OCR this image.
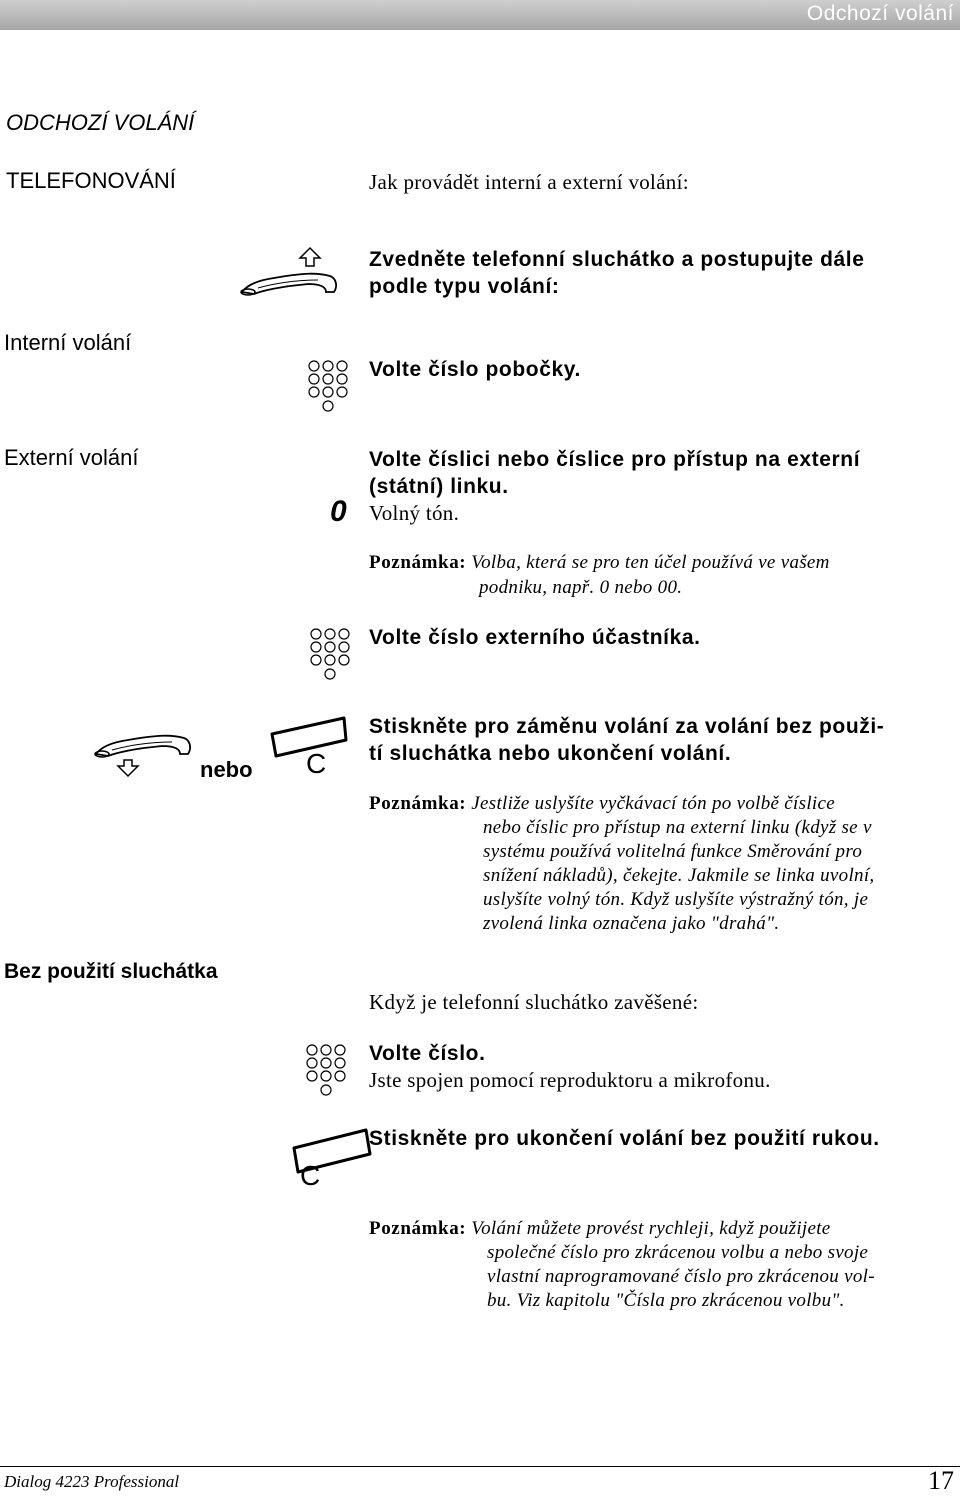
Odchozí volání
ODCHOZÍ VOLÁNÍ
TELEFONOVÁNÍ
Interní volání
Externí volání
Bez použití sluchátka
Jak provádět interní a externí volání:
Zvedněte telefonní sluchátko a postupujte dále
podle typu volání:
Volte číslo pobočky.
Volte číslici nebo číslice pro přístup na externí
(státní) linku.
0 Volný tón.
Poznámka: Volba, která se pro ten účel používá ve vašem
podniku, např. 0 nebo 00.
Volte číslo externího účastníka.
nebo C
Stiskněte pro záměnu volání za volání bez použi-
tí sluchátka nebo ukončení volání.
Poznámka: Jestliže uslyšíte vyčkávací tón po volbě číslice
nebo číslic pro přístup na externí linku (když se v
systému používá volitelná funkce Směrování pro
snížení nákladů), čekejte. Jakmile se linka uvolní,
uslyšíte volný tón. Když uslyšíte výstražný tón, je
zvolená linka označena jako "drahá".
Když je telefonní sluchátko zavěšené:
Volte číslo.
Jste spojen pomocí reproduktoru a mikrofonu.
C
Stiskněte pro ukončení volání bez použití rukou.
Poznámka: Volání můžete provést rychleji, když použijete
společné číslo pro zkrácenou volbu a nebo svoje
vlastní naprogramované číslo pro zkrácenou vol-
bu. Viz kapitolu "Čísla pro zkrácenou volbu".
Dialog 4223 Professional	17
